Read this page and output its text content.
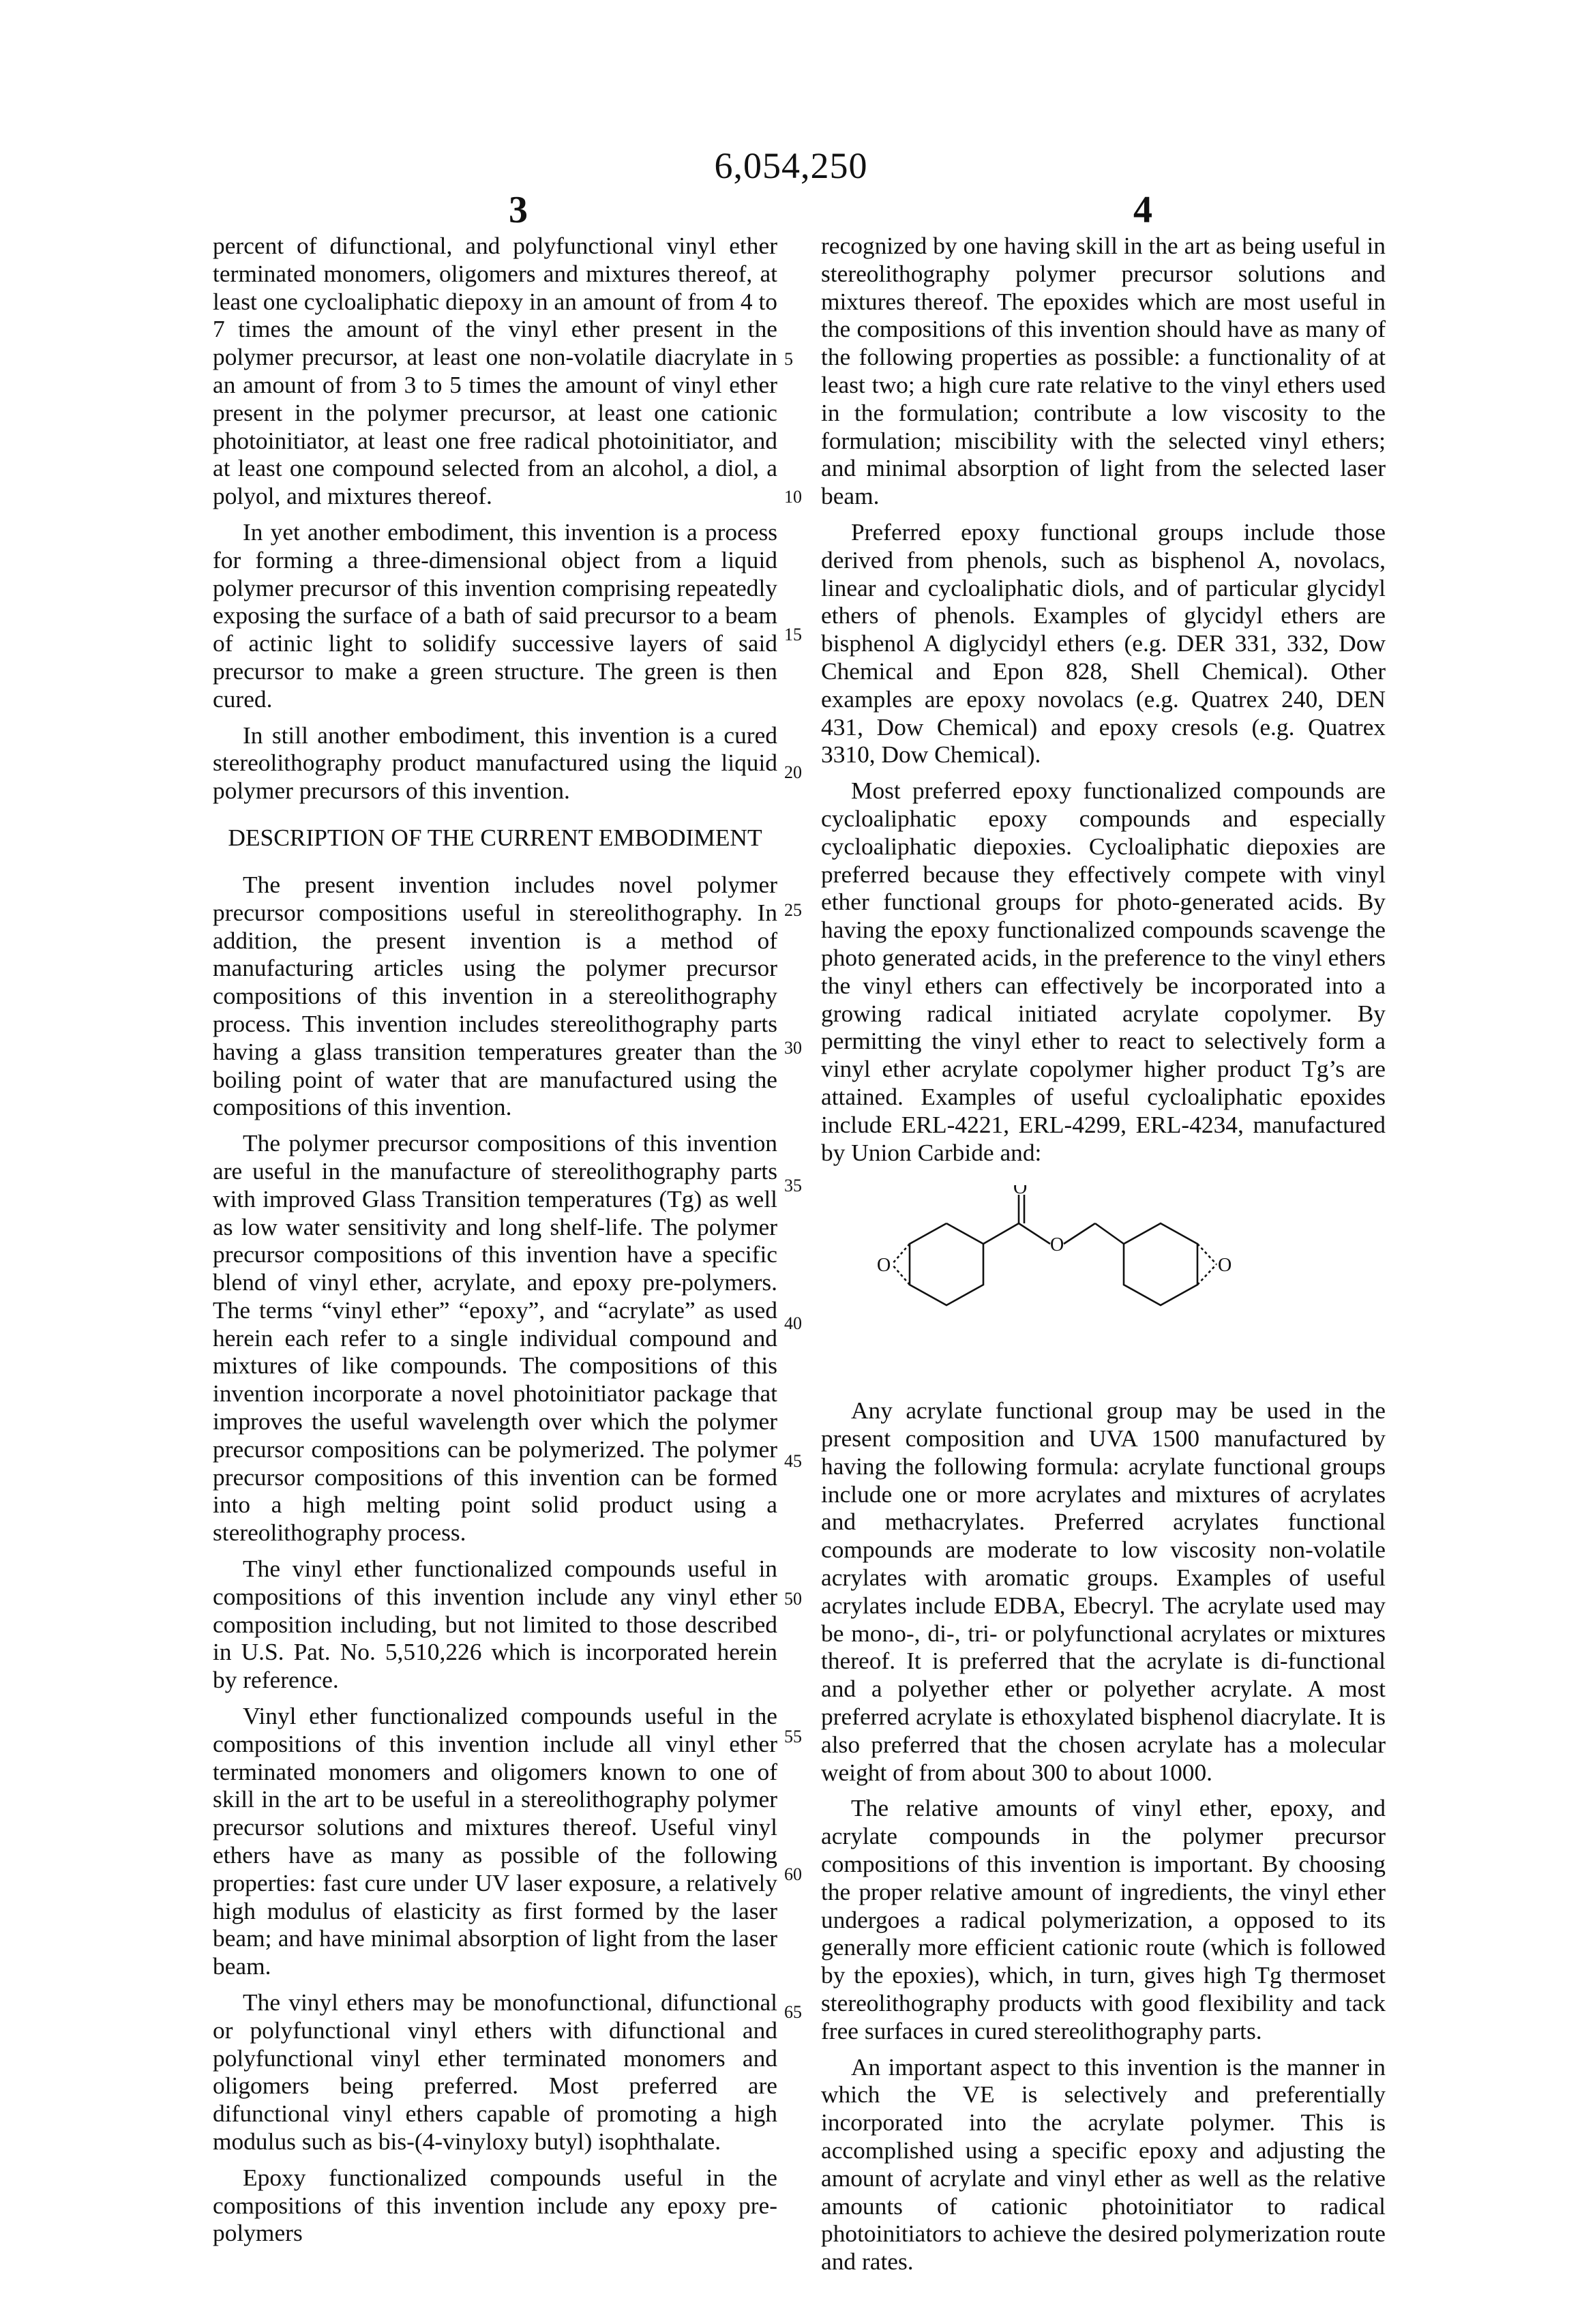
6,054,250
3	4

percent of difunctional, and polyfunctional vinyl ether terminated monomers, oligomers and mixtures thereof, at least one cycloaliphatic diepoxy in an amount of from 4 to 7 times the amount of the vinyl ether present in the polymer precursor, at least one non-volatile diacrylate in an amount of from 3 to 5 times the amount of vinyl ether present in the polymer precursor, at least one cationic photoinitiator, at least one free radical photoinitiator, and at least one compound selected from an alcohol, a diol, a polyol, and mixtures thereof.

In yet another embodiment, this invention is a process for forming a three-dimensional object from a liquid polymer precursor of this invention comprising repeatedly exposing the surface of a bath of said precursor to a beam of actinic light to solidify successive layers of said precursor to make a green structure. The green is then cured.

In still another embodiment, this invention is a cured stereolithography product manufactured using the liquid polymer precursors of this invention.

DESCRIPTION OF THE CURRENT EMBODIMENT

The present invention includes novel polymer precursor compositions useful in stereolithography. In addition, the present invention is a method of manufacturing articles using the polymer precursor compositions of this invention in a stereolithography process. This invention includes stereolithography parts having a glass transition temperatures greater than the boiling point of water that are manufactured using the compositions of this invention.

The polymer precursor compositions of this invention are useful in the manufacture of stereolithography parts with improved Glass Transition temperatures (Tg) as well as low water sensitivity and long shelf-life. The polymer precursor compositions of this invention have a specific blend of vinyl ether, acrylate, and epoxy pre-polymers. The terms “vinyl ether” “epoxy”, and “acrylate” as used herein each refer to a single individual compound and mixtures of like compounds. The compositions of this invention incorporate a novel photoinitiator package that improves the useful wavelength over which the polymer precursor compositions can be polymerized. The polymer precursor compositions of this invention can be formed into a high melting point solid product using a stereolithography process.

The vinyl ether functionalized compounds useful in compositions of this invention include any vinyl ether composition including, but not limited to those described in U.S. Pat. No. 5,510,226 which is incorporated herein by reference.

Vinyl ether functionalized compounds useful in the compositions of this invention include all vinyl ether terminated monomers and oligomers known to one of skill in the art to be useful in a stereolithography polymer precursor solutions and mixtures thereof. Useful vinyl ethers have as many as possible of the following properties: fast cure under UV laser exposure, a relatively high modulus of elasticity as first formed by the laser beam; and have minimal absorption of light from the laser beam.

The vinyl ethers may be monofunctional, difunctional or polyfunctional vinyl ethers with difunctional and polyfunctional vinyl ether terminated monomers and oligomers being preferred. Most preferred are difunctional vinyl ethers capable of promoting a high modulus such as bis-(4-vinyloxy butyl) isophthalate.

Epoxy functionalized compounds useful in the compositions of this invention include any epoxy pre-polymers

5
10
15
20
25
30
35
40
45
50
55
60
65

recognized by one having skill in the art as being useful in stereolithography polymer precursor solutions and mixtures thereof. The epoxides which are most useful in the compositions of this invention should have as many of the following properties as possible: a functionality of at least two; a high cure rate relative to the vinyl ethers used in the formulation; contribute a low viscosity to the formulation; miscibility with the selected vinyl ethers; and minimal absorption of light from the selected laser beam.

Preferred epoxy functional groups include those derived from phenols, such as bisphenol A, novolacs, linear and cycloaliphatic diols, and of particular glycidyl ethers of phenols. Examples of glycidyl ethers are bisphenol A diglycidyl ethers (e.g. DER 331, 332, Dow Chemical and Epon 828, Shell Chemical). Other examples are epoxy novolacs (e.g. Quatrex 240, DEN 431, Dow Chemical) and epoxy cresols (e.g. Quatrex 3310, Dow Chemical).

Most preferred epoxy functionalized compounds are cycloaliphatic epoxy compounds and especially cycloaliphatic diepoxies. Cycloaliphatic diepoxies are preferred because they effectively compete with vinyl ether functional groups for photo-generated acids. By having the epoxy functionalized compounds scavenge the photo generated acids, in the preference to the vinyl ethers the vinyl ethers can effectively be incorporated into a growing radical initiated acrylate copolymer. By permitting the vinyl ether to react to selectively form a vinyl ether acrylate copolymer higher product Tg’s are attained. Examples of useful cycloaliphatic epoxides include ERL-4221, ERL-4299, ERL-4234, manufactured by Union Carbide and:

O
O
O	O

Any acrylate functional group may be used in the present composition and UVA 1500 manufactured by having the following formula: acrylate functional groups include one or more acrylates and mixtures of acrylates and methacrylates. Preferred acrylates functional compounds are moderate to low viscosity non-volatile acrylates with aromatic groups. Examples of useful acrylates include EDBA, Ebecryl. The acrylate used may be mono-, di-, tri- or polyfunctional acrylates or mixtures thereof. It is preferred that the acrylate is di-functional and a polyether ether or polyether acrylate. A most preferred acrylate is ethoxylated bisphenol diacrylate. It is also preferred that the chosen acrylate has a molecular weight of from about 300 to about 1000.

The relative amounts of vinyl ether, epoxy, and acrylate compounds in the polymer precursor compositions of this invention is important. By choosing the proper relative amount of ingredients, the vinyl ether undergoes a radical polymerization, a opposed to its generally more efficient cationic route (which is followed by the epoxies), which, in turn, gives high Tg thermoset stereolithography products with good flexibility and tack free surfaces in cured stereolithography parts.

An important aspect to this invention is the manner in which the VE is selectively and preferentially incorporated into the acrylate polymer. This is accomplished using a specific epoxy and adjusting the amount of acrylate and vinyl ether as well as the relative amounts of cationic photoinitiator to radical photoinitiators to achieve the desired polymerization route and rates.
